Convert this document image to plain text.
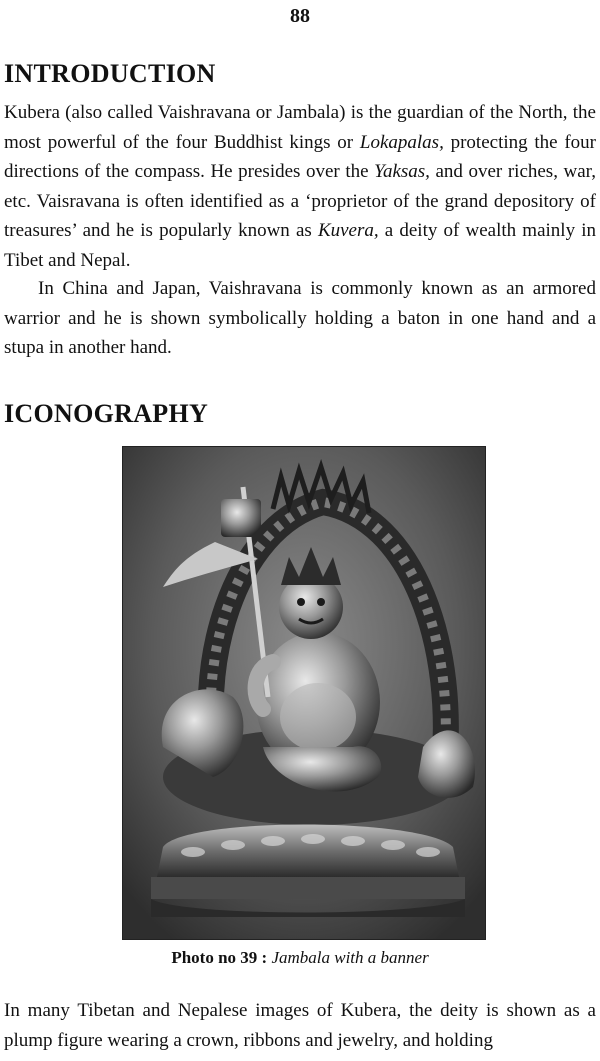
88
INTRODUCTION

Kubera (also called Vaishravana or Jambala) is the guardian of the North, the most powerful of the four Buddhist kings or Lokapalas, protecting the four directions of the compass. He presides over the Yaksas, and over riches, war, etc. Vaisravana is often identified as a ‘proprietor of the grand depository of treasures’ and he is popularly known as Kuvera, a deity of wealth mainly in Tibet and Nepal.

In China and Japan, Vaishravana is commonly known as an armored warrior and he is shown symbolically holding a baton in one hand and a stupa in another hand.

ICONOGRAPHY
Photo no 39 : Jambala with a banner

In many Tibetan and Nepalese images of Kubera, the deity is shown as a plump figure wearing a crown, ribbons and jewelry, and holding
